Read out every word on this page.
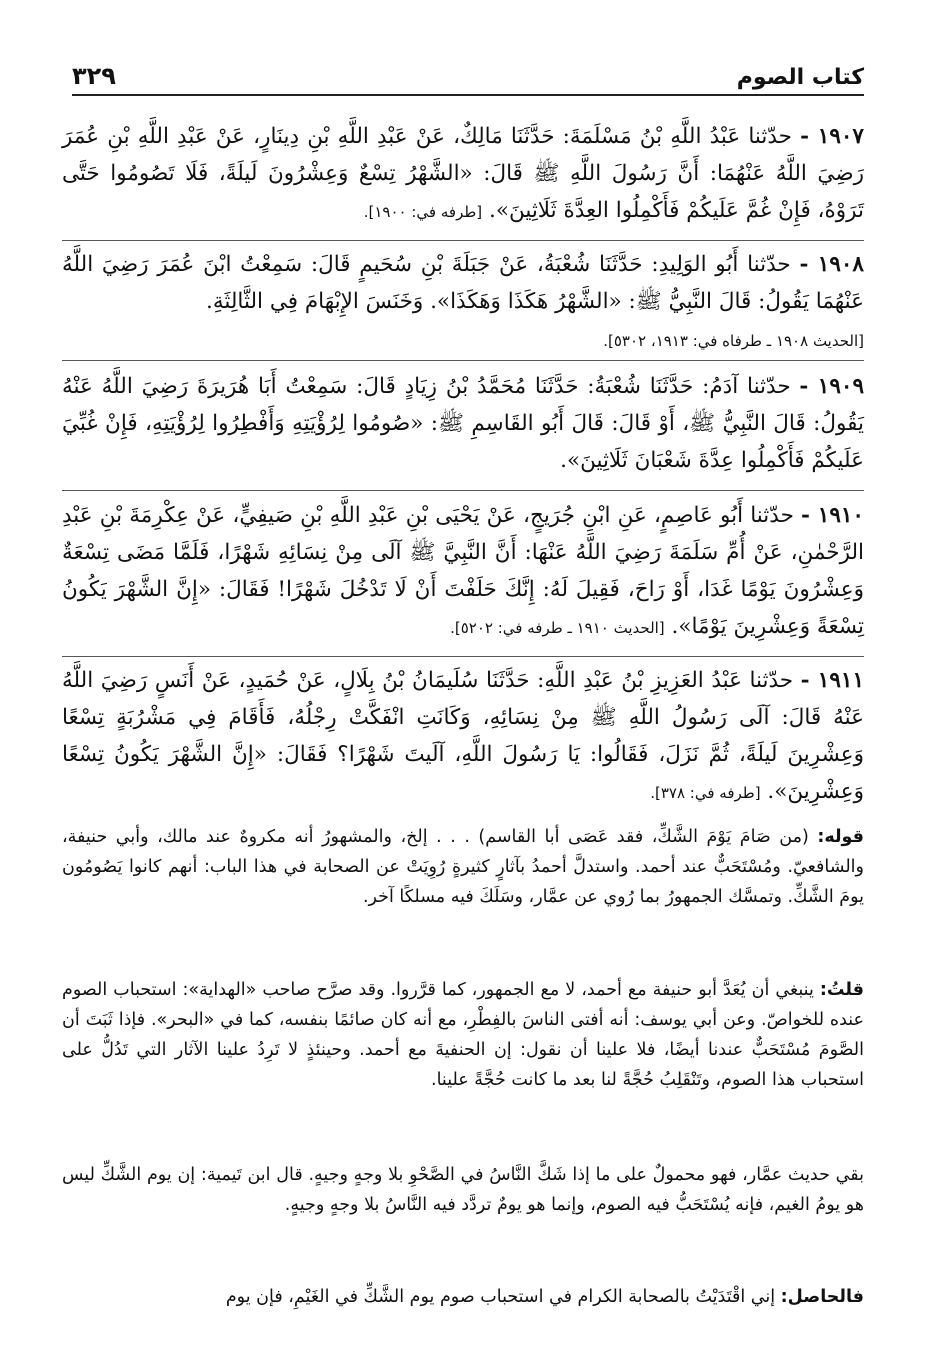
كتاب الصوم
٣٢٩

١٩٠٧ - حدّثنا عَبْدُ اللَّهِ بْنُ مَسْلَمَةَ: حَدَّثَنَا مَالِكٌ، عَنْ عَبْدِ اللَّهِ بْنِ دِينَارٍ، عَنْ عَبْدِ اللَّهِ بْنِ عُمَرَ رَضِيَ اللَّهُ عَنْهُمَا: أَنَّ رَسُولَ اللَّهِ ﷺ قَالَ: «الشَّهْرُ تِسْعٌ وَعِشْرُونَ لَيلَةً، فَلَا تَصُومُوا حَتَّى تَرَوْهُ، فَإِنْ غُمَّ عَلَيكُمْ فَأَكْمِلُوا العِدَّةَ ثَلَاثِينَ». [طرفه في: ١٩٠٠].

١٩٠٨ - حدّثنا أَبُو الوَلِيدِ: حَدَّثَنَا شُعْبَةُ، عَنْ جَبَلَةَ بْنِ سُحَيمٍ قَالَ: سَمِعْتُ ابْنَ عُمَرَ رَضِيَ اللَّهُ عَنْهُمَا يَقُولُ: قَالَ النَّبِيُّ ﷺ: «الشَّهْرُ هَكَذَا وَهَكَذَا». وَخَنَسَ الإِبْهَامَ فِي الثَّالِثَةِ.

[الحديث ١٩٠٨ ـ طرفاه في: ١٩١٣، ٥٣٠٢].

١٩٠٩ - حدّثنا آدَمُ: حَدَّثَنَا شُعْبَةُ: حَدَّثَنَا مُحَمَّدُ بْنُ زِيَادٍ قَالَ: سَمِعْتُ أَبَا هُرَيرَةَ رَضِيَ اللَّهُ عَنْهُ يَقُولُ: قَالَ النَّبِيُّ ﷺ، أَوْ قَالَ: قَالَ أَبُو القَاسِمِ ﷺ: «صُومُوا لِرُؤْيَتِهِ وَأَفْطِرُوا لِرُؤْيَتِهِ، فَإِنْ غُبِّيَ عَلَيكُمْ فَأَكْمِلُوا عِدَّةَ شَعْبَانَ ثَلَاثِينَ».

١٩١٠ - حدّثنا أَبُو عَاصِمٍ، عَنِ ابْنِ جُرَيجٍ، عَنْ يَحْيَى بْنِ عَبْدِ اللَّهِ بْنِ صَيفِيٍّ، عَنْ عِكْرِمَةَ بْنِ عَبْدِ الرَّحْمٰنِ، عَنْ أُمِّ سَلَمَةَ رَضِيَ اللَّهُ عَنْهَا: أَنَّ النَّبِيَّ ﷺ آلَى مِنْ نِسَائِهِ شَهْرًا، فَلَمَّا مَضَى تِسْعَةٌ وَعِشْرُونَ يَوْمًا غَدَا، أَوْ رَاحَ، فَقِيلَ لَهُ: إِنَّكَ حَلَفْتَ أَنْ لَا تَدْخُلَ شَهْرًا! فَقَالَ: «إِنَّ الشَّهْرَ يَكُونُ تِسْعَةً وَعِشْرِينَ يَوْمًا». [الحديث ١٩١٠ ـ طرفه في: ٥٢٠٢].

١٩١١ - حدّثنا عَبْدُ العَزِيزِ بْنُ عَبْدِ اللَّهِ: حَدَّثَنَا سُلَيمَانُ بْنُ بِلَالٍ، عَنْ حُمَيدٍ، عَنْ أَنَسٍ رَضِيَ اللَّهُ عَنْهُ قَالَ: آلَى رَسُولُ اللَّهِ ﷺ مِنْ نِسَائِهِ، وَكَانَتِ انْفَكَّتْ رِجْلُهُ، فَأَقَامَ فِي مَشْرُبَةٍ تِسْعًا وَعِشْرِينَ لَيلَةً، ثُمَّ نَزَلَ، فَقَالُوا: يَا رَسُولَ اللَّهِ، آلَيتَ شَهْرًا؟ فَقَالَ: «إِنَّ الشَّهْرَ يَكُونُ تِسْعًا وَعِشْرِينَ». [طرفه في: ٣٧٨].

قوله: (من صَامَ يَوْمَ الشَّكِّ، فقد عَصَى أبا القاسم) . . . إلخ، والمشهورُ أنه مكروهٌ عند مالك، وأبي حنيفة، والشافعيّ. ومُسْتَحَبٌّ عند أحمد. واستدلَّ أحمدُ بآثارٍ كثيرةٍ رُوِيَتْ عن الصحابة في هذا الباب: أنهم كانوا يَصُومُون يومَ الشَّكِّ. وتمسَّك الجمهورُ بما رُوي عن عمَّار، وسَلَكَ فيه مسلكًا آخر.

قلتُ: ينبغي أن يُعَدَّ أبو حنيفة مع أحمد، لا مع الجمهور، كما قرَّروا. وقد صرَّح صاحب «الهداية»: استحباب الصوم عنده للخواصّ. وعن أبي يوسف: أنه أفتى الناسَ بالفِطْرِ، مع أنه كان صائمًا بنفسه، كما في «البحر». فإذا ثَبَتَ أن الصَّومَ مُسْتَحَبٌّ عندنا أيضًا، فلا علينا أن نقول: إن الحنفيةَ مع أحمد. وحينئذٍ لا تَرِدُ علينا الآثار التي تَدُلُّ على استحباب هذا الصوم، وتَنْقَلِبُ حُجَّةً لنا بعد ما كانت حُجَّةً علينا.

بقي حديث عمَّار، فهو محمولٌ على ما إذا شَكَّ النَّاسُ في الصَّحْوِ بلا وجهٍ وجيهٍ. قال ابن تَيمية: إن يوم الشَّكِّ ليس هو يومُ الغيم، فإنه يُسْتَحَبُّ فيه الصوم، وإنما هو يومٌ تردَّد فيه النَّاسُ بلا وجهٍ وجيهٍ.

فالحاصل: إني اقْتَدَيْتُ بالصحابة الكرام في استحباب صوم يوم الشَّكِّ في الغَيْمِ، فإن يوم
